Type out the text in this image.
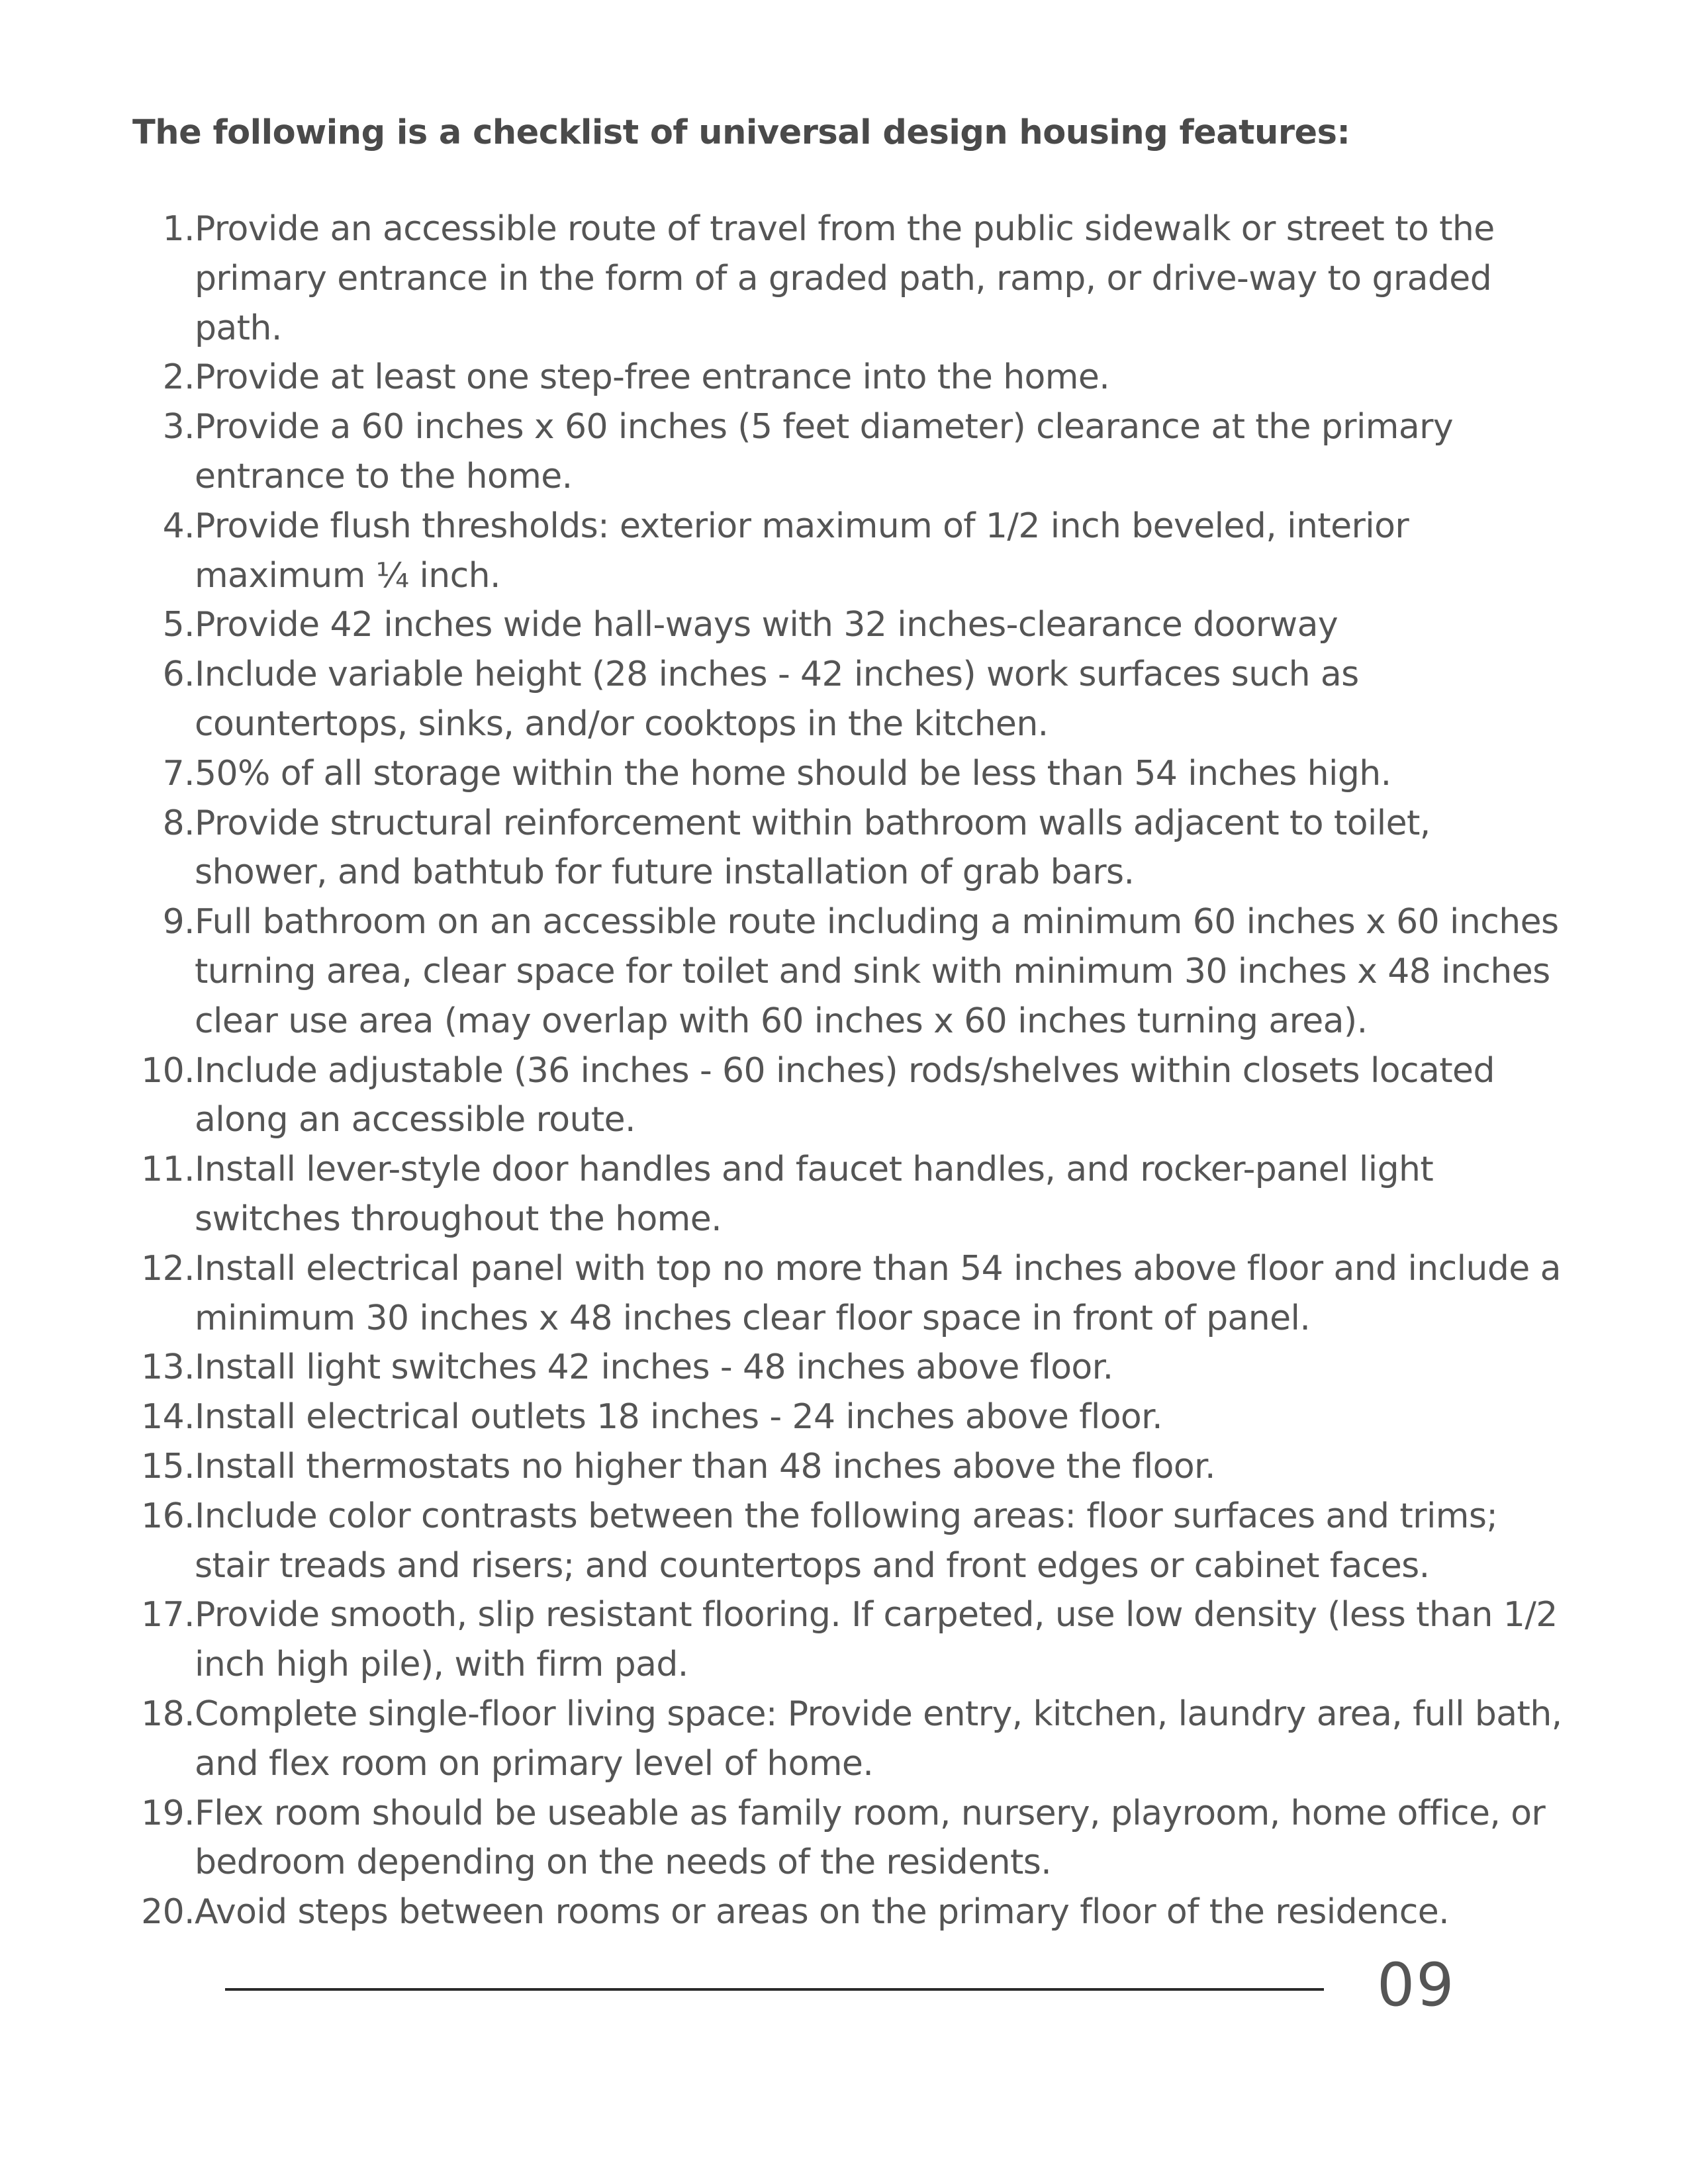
The following is a checklist of universal design housing features:
1. Provide an accessible route of travel from the public sidewalk or street to the primary entrance in the form of a graded path, ramp, or drive-way to graded path.
2. Provide at least one step-free entrance into the home.
3. Provide a 60 inches x 60 inches (5 feet diameter) clearance at the primary entrance to the home.
4. Provide flush thresholds: exterior maximum of 1/2 inch beveled, interior maximum ¼ inch.
5. Provide 42 inches wide hall-ways with 32 inches-clearance doorway
6. Include variable height (28 inches - 42 inches) work surfaces such as countertops, sinks, and/or cooktops in the kitchen.
7. 50% of all storage within the home should be less than 54 inches high.
8. Provide structural reinforcement within bathroom walls adjacent to toilet, shower, and bathtub for future installation of grab bars.
9. Full bathroom on an accessible route including a minimum 60 inches x 60 inches turning area, clear space for toilet and sink with minimum 30 inches x 48 inches clear use area (may overlap with 60 inches x 60 inches turning area).
10. Include adjustable (36 inches - 60 inches) rods/shelves within closets located along an accessible route.
11. Install lever-style door handles and faucet handles, and rocker-panel light switches throughout the home.
12. Install electrical panel with top no more than 54 inches above floor and include a minimum 30 inches x 48 inches clear floor space in front of panel.
13. Install light switches 42 inches - 48 inches above floor.
14. Install electrical outlets 18 inches - 24 inches above floor.
15. Install thermostats no higher than 48 inches above the floor.
16. Include color contrasts between the following areas: floor surfaces and trims; stair treads and risers; and countertops and front edges or cabinet faces.
17. Provide smooth, slip resistant flooring. If carpeted, use low density (less than 1/2 inch high pile), with firm pad.
18. Complete single-floor living space: Provide entry, kitchen, laundry area, full bath, and flex room on primary level of home.
19. Flex room should be useable as family room, nursery, playroom, home office, or bedroom depending on the needs of the residents.
20. Avoid steps between rooms or areas on the primary floor of the residence.
09
